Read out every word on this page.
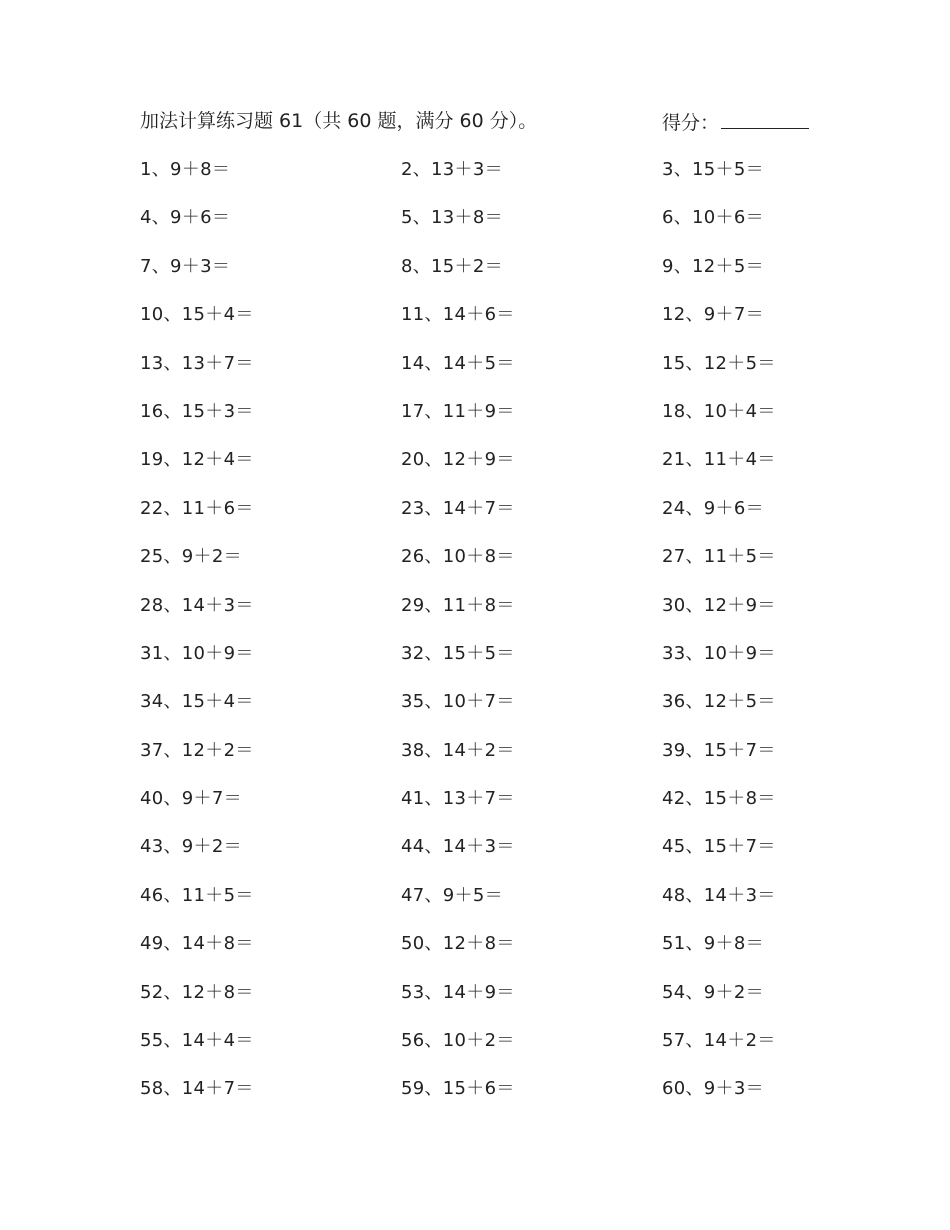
加法计算练习题 61（共 60 题，满分 60 分）。	得分：
1、9＋8＝	2、13＋3＝	3、15＋5＝
4、9＋6＝	5、13＋8＝	6、10＋6＝
7、9＋3＝	8、15＋2＝	9、12＋5＝
10、15＋4＝	11、14＋6＝	12、9＋7＝
13、13＋7＝	14、14＋5＝	15、12＋5＝
16、15＋3＝	17、11＋9＝	18、10＋4＝
19、12＋4＝	20、12＋9＝	21、11＋4＝
22、11＋6＝	23、14＋7＝	24、9＋6＝
25、9＋2＝	26、10＋8＝	27、11＋5＝
28、14＋3＝	29、11＋8＝	30、12＋9＝
31、10＋9＝	32、15＋5＝	33、10＋9＝
34、15＋4＝	35、10＋7＝	36、12＋5＝
37、12＋2＝	38、14＋2＝	39、15＋7＝
40、9＋7＝	41、13＋7＝	42、15＋8＝
43、9＋2＝	44、14＋3＝	45、15＋7＝
46、11＋5＝	47、9＋5＝	48、14＋3＝
49、14＋8＝	50、12＋8＝	51、9＋8＝
52、12＋8＝	53、14＋9＝	54、9＋2＝
55、14＋4＝	56、10＋2＝	57、14＋2＝
58、14＋7＝	59、15＋6＝	60、9＋3＝
